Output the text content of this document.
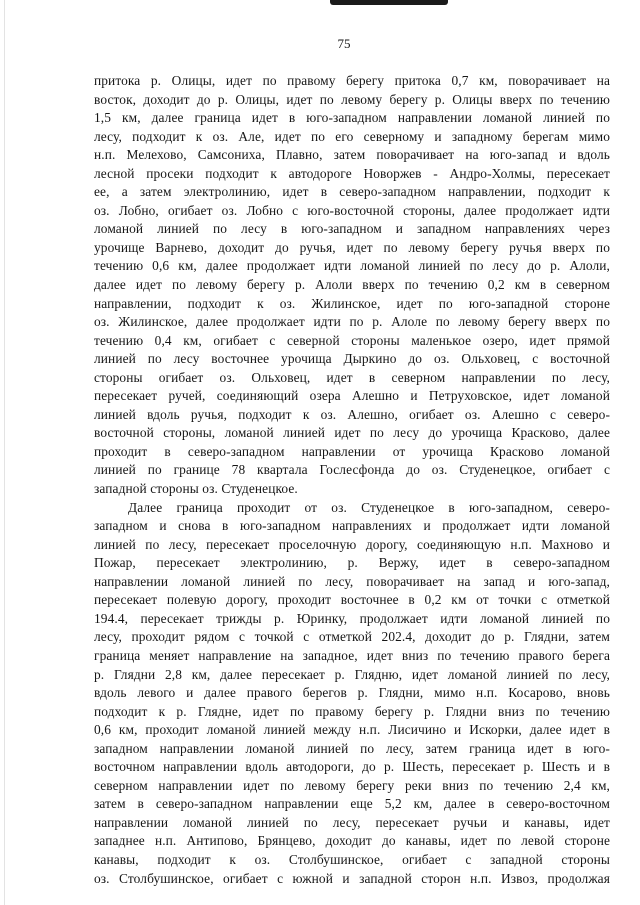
75
притока р. Олицы, идет по правому берегу притока 0,7 км, поворачивает на
восток, доходит до р. Олицы, идет по левому берегу р. Олицы вверх по течению
1,5 км, далее граница идет в юго-западном направлении ломаной линией по
лесу, подходит к оз. Але, идет по его северному и западному берегам мимо
н.п. Мелехово, Самсониха, Плавно, затем поворачивает на юго-запад и вдоль
лесной просеки подходит к автодороге Новоржев - Андро-Холмы, пересекает
ее, а затем электролинию, идет в северо-западном направлении, подходит к
оз. Лобно, огибает оз. Лобно с юго-восточной стороны, далее продолжает идти
ломаной линией по лесу в юго-западном и западном направлениях через
урочище Варнево, доходит до ручья, идет по левому берегу ручья вверх по
течению 0,6 км, далее продолжает идти ломаной линией по лесу до р. Алоли,
далее идет по левому берегу р. Алоли вверх по течению 0,2 км в северном
направлении, подходит к оз. Жилинское, идет по юго-западной стороне
оз. Жилинское, далее продолжает идти по р. Алоле по левому берегу вверх по
течению 0,4 км, огибает с северной стороны маленькое озеро, идет прямой
линией по лесу восточнее урочища Дыркино до оз. Ольховец, с восточной
стороны огибает оз. Ольховец, идет в северном направлении по лесу,
пересекает ручей, соединяющий озера Алешно и Петруховское, идет ломаной
линией вдоль ручья, подходит к оз. Алешно, огибает оз. Алешно с северо-
восточной стороны, ломаной линией идет по лесу до урочища Красково, далее
проходит в северо-западном направлении от урочища Красково ломаной
линией по границе 78 квартала Гослесфонда до оз. Студенецкое, огибает с
западной стороны оз. Студенецкое.
Далее граница проходит от оз. Студенецкое в юго-западном, северо-
западном и снова в юго-западном направлениях и продолжает идти ломаной
линией по лесу, пересекает проселочную дорогу, соединяющую н.п. Махново и
Пожар, пересекает электролинию, р. Вержу, идет в северо-западном
направлении ломаной линией по лесу, поворачивает на запад и юго-запад,
пересекает полевую дорогу, проходит восточнее в 0,2 км от точки с отметкой
194.4, пересекает трижды р. Юринку, продолжает идти ломаной линией по
лесу, проходит рядом с точкой с отметкой 202.4, доходит до р. Глядни, затем
граница меняет направление на западное, идет вниз по течению правого берега
р. Глядни 2,8 км, далее пересекает р. Глядню, идет ломаной линией по лесу,
вдоль левого и далее правого берегов р. Глядни, мимо н.п. Косарово, вновь
подходит к р. Глядне, идет по правому берегу р. Глядни вниз по течению
0,6 км, проходит ломаной линией между н.п. Лисичино и Искорки, далее идет в
западном направлении ломаной линией по лесу, затем граница идет в юго-
восточном направлении вдоль автодороги, до р. Шесть, пересекает р. Шесть и в
северном направлении идет по левому берегу реки вниз по течению 2,4 км,
затем в северо-западном направлении еще 5,2 км, далее в северо-восточном
направлении ломаной линией по лесу, пересекает ручьи и канавы, идет
западнее н.п. Антипово, Брянцево, доходит до канавы, идет по левой стороне
канавы, подходит к оз. Столбушинское, огибает с западной стороны
оз. Столбушинское, огибает с южной и западной сторон н.п. Извоз, продолжая
